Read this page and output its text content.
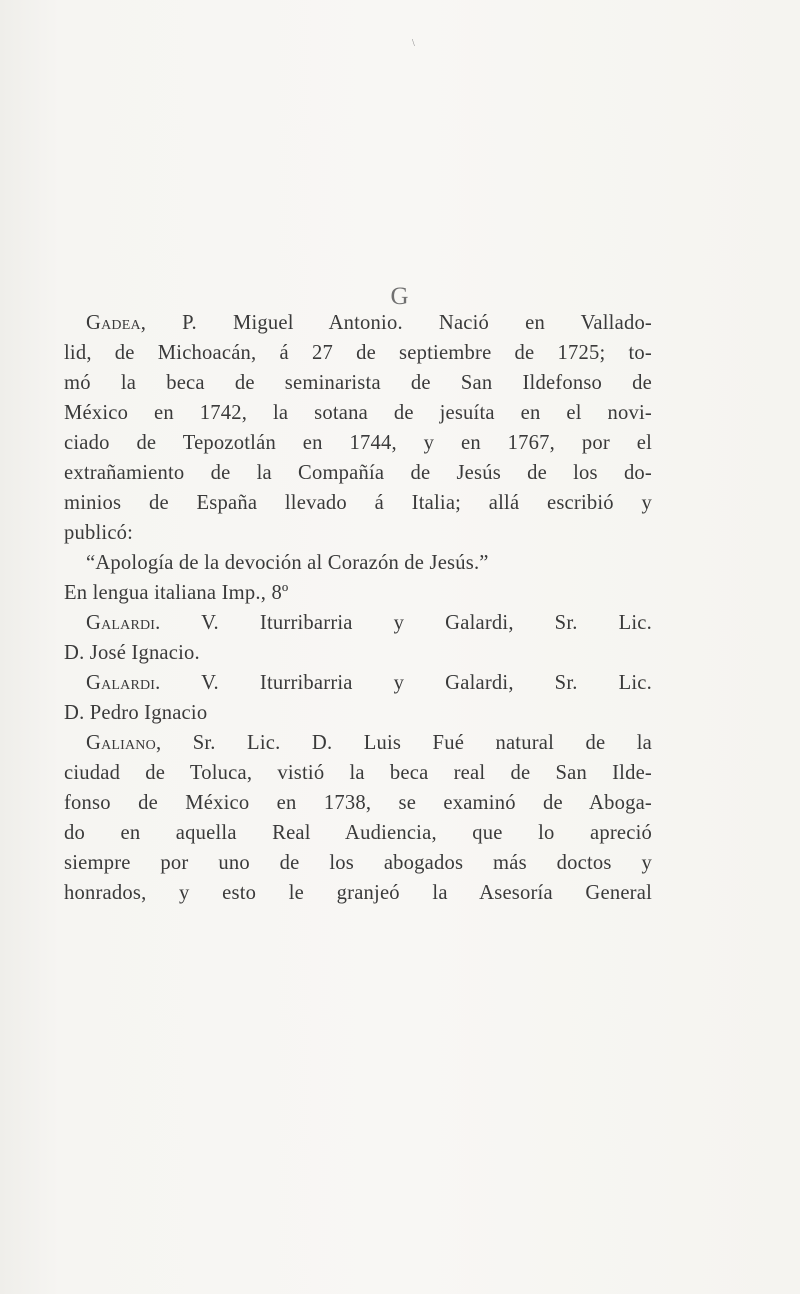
\
G
Gadea, P. Miguel Antonio. Nació en Vallado-
lid, de Michoacán, á 27 de septiembre de 1725; to-
mó la beca de seminarista de San Ildefonso de
México en 1742, la sotana de jesuíta en el novi-
ciado de Tepozotlán en 1744, y en 1767, por el
extrañamiento de la Compañía de Jesús de los do-
minios de España llevado á Italia; allá escribió y
publicó:
“Apología de la devoción al Corazón de Jesús.”
En lengua italiana Imp., 8º
Galardi. V. Iturribarria y Galardi, Sr. Lic.
D. José Ignacio.
Galardi. V. Iturribarria y Galardi, Sr. Lic.
D. Pedro Ignacio
Galiano, Sr. Lic. D. Luis Fué natural de la
ciudad de Toluca, vistió la beca real de San Ilde-
fonso de México en 1738, se examinó de Aboga-
do en aquella Real Audiencia, que lo apreció
siempre por uno de los abogados más doctos y
honrados, y esto le granjeó la Asesoría General
